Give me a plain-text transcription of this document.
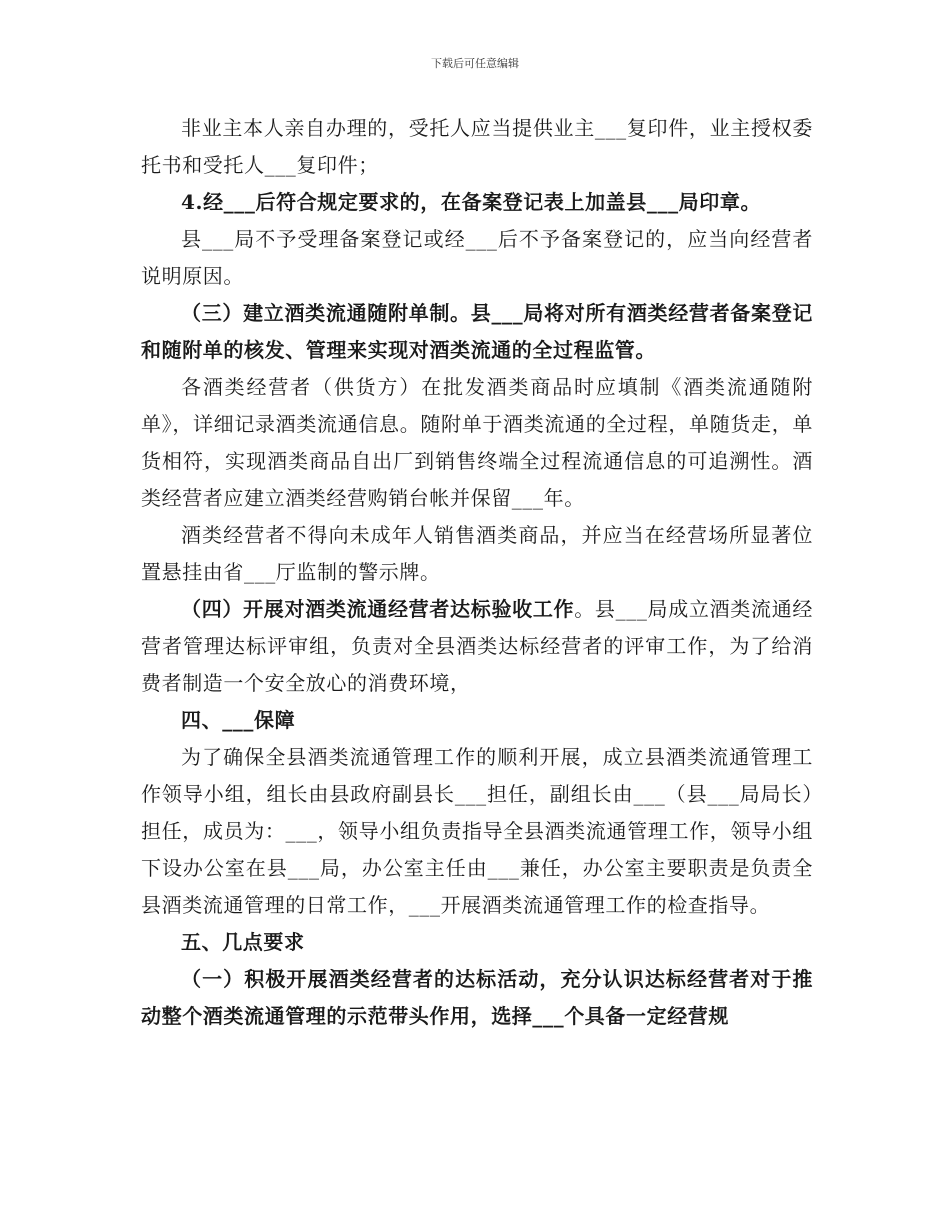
下载后可任意编辑

非业主本人亲自办理的，受托人应当提供业主___复印件，业主授权委托书和受托人___复印件；

4.经___后符合规定要求的，在备案登记表上加盖县___局印章。

县___局不予受理备案登记或经___后不予备案登记的，应当向经营者说明原因。

（三）建立酒类流通随附单制。县___局将对所有酒类经营者备案登记和随附单的核发、管理来实现对酒类流通的全过程监管。

各酒类经营者（供货方）在批发酒类商品时应填制《酒类流通随附单》，详细记录酒类流通信息。随附单于酒类流通的全过程，单随货走，单货相符，实现酒类商品自出厂到销售终端全过程流通信息的可追溯性。酒类经营者应建立酒类经营购销台帐并保留___年。

酒类经营者不得向未成年人销售酒类商品，并应当在经营场所显著位置悬挂由省___厅监制的警示牌。

（四）开展对酒类流通经营者达标验收工作。县___局成立酒类流通经营者管理达标评审组，负责对全县酒类达标经营者的评审工作，为了给消费者制造一个安全放心的消费环境，

四、___保障

为了确保全县酒类流通管理工作的顺利开展，成立县酒类流通管理工作领导小组，组长由县政府副县长___担任，副组长由___（县___局局长）担任，成员为：___，领导小组负责指导全县酒类流通管理工作，领导小组下设办公室在县___局，办公室主任由___兼任，办公室主要职责是负责全县酒类流通管理的日常工作，___开展酒类流通管理工作的检查指导。

五、几点要求

（一）积极开展酒类经营者的达标活动，充分认识达标经营者对于推动整个酒类流通管理的示范带头作用，选择___个具备一定经营规
